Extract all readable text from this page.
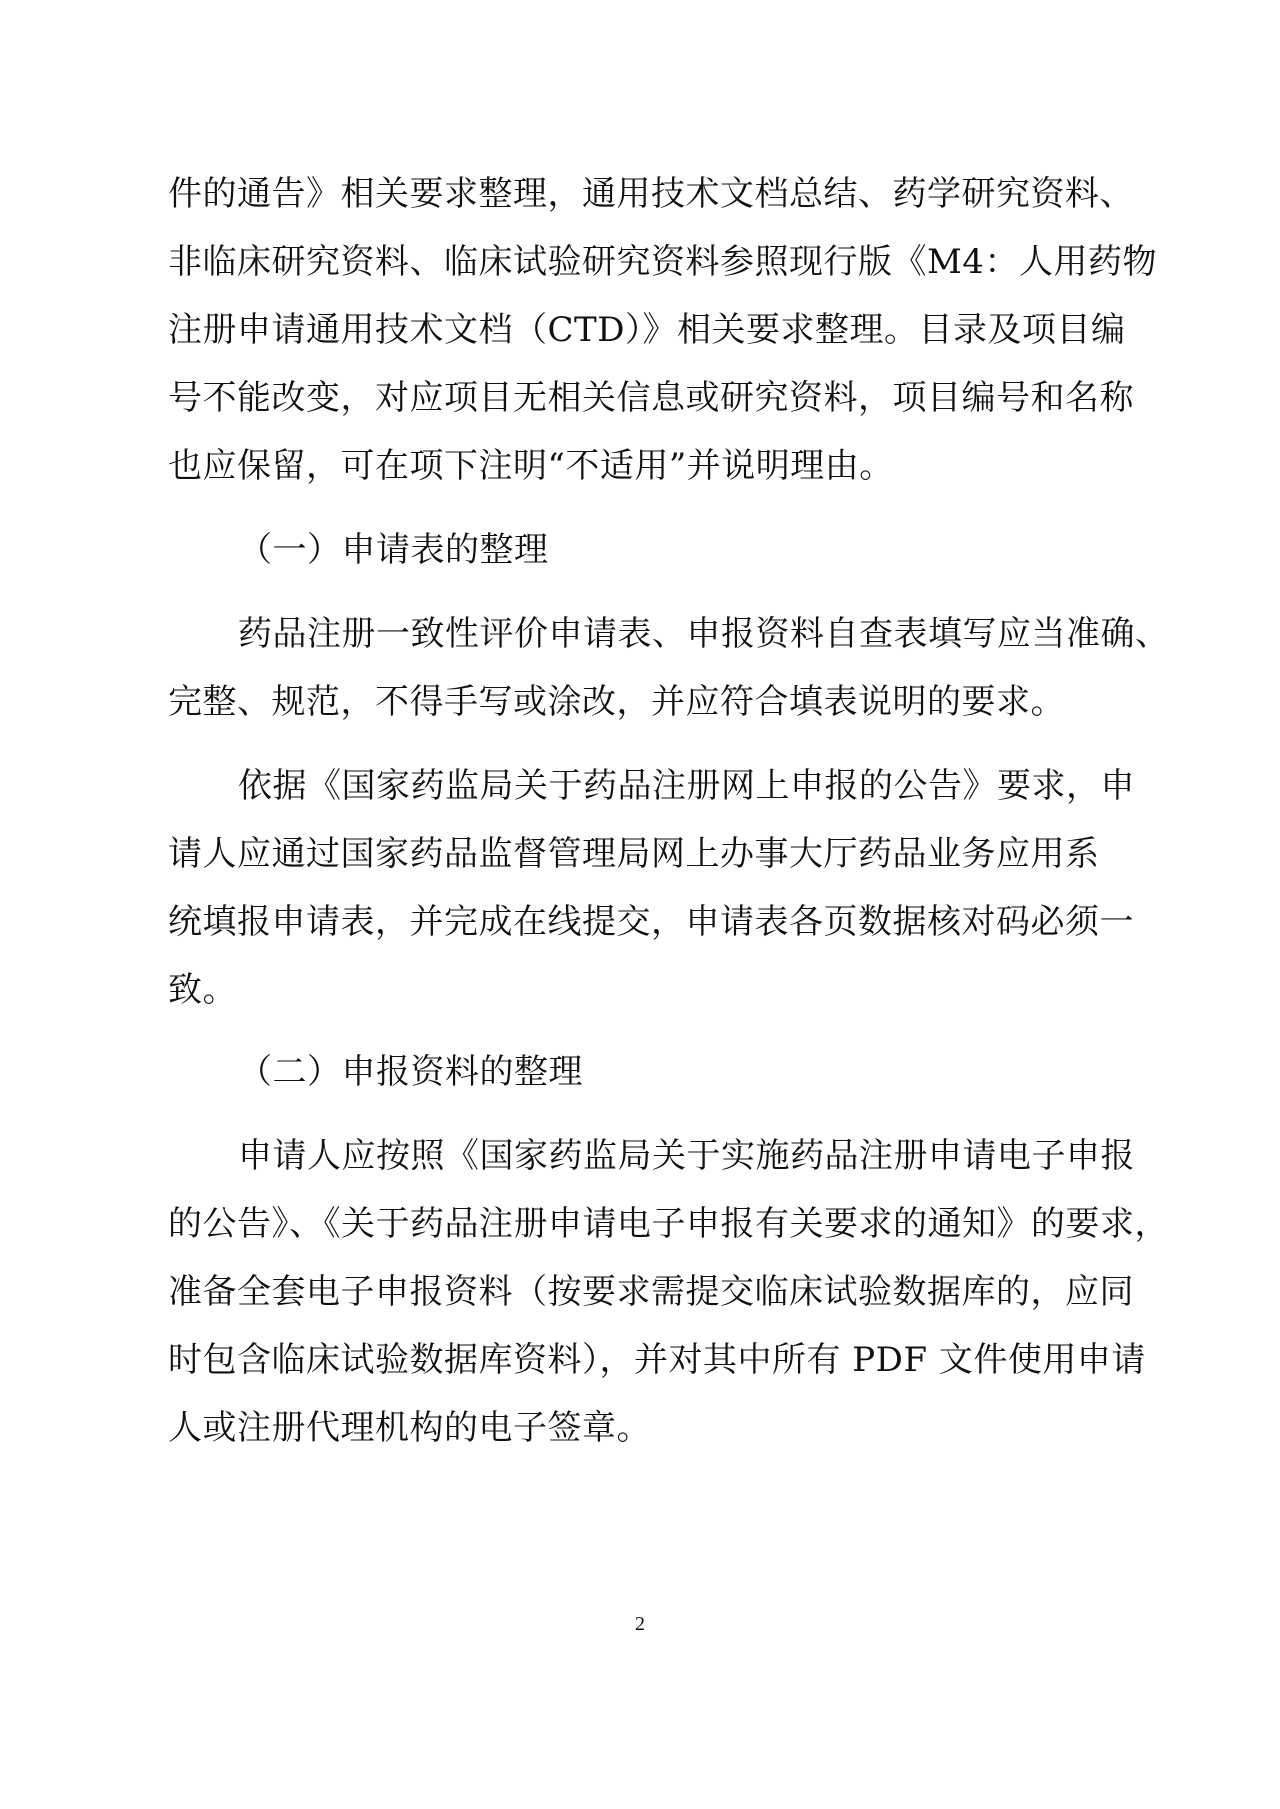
件的通告》相关要求整理，通用技术文档总结、药学研究资料、
非临床研究资料、临床试验研究资料参照现行版《M4：人用药物
注册申请通用技术文档（CTD）》相关要求整理。目录及项目编
号不能改变，对应项目无相关信息或研究资料，项目编号和名称
也应保留，可在项下注明“不适用”并说明理由。
（一）申请表的整理
药品注册一致性评价申请表、申报资料自查表填写应当准确、
完整、规范，不得手写或涂改，并应符合填表说明的要求。
依据《国家药监局关于药品注册网上申报的公告》要求，申
请人应通过国家药品监督管理局网上办事大厅药品业务应用系
统填报申请表，并完成在线提交，申请表各页数据核对码必须一
致。
（二）申报资料的整理
申请人应按照《国家药监局关于实施药品注册申请电子申报
的公告》、《关于药品注册申请电子申报有关要求的通知》的要求，
准备全套电子申报资料（按要求需提交临床试验数据库的，应同
时包含临床试验数据库资料），并对其中所有 PDF 文件使用申请
人或注册代理机构的电子签章。
2
